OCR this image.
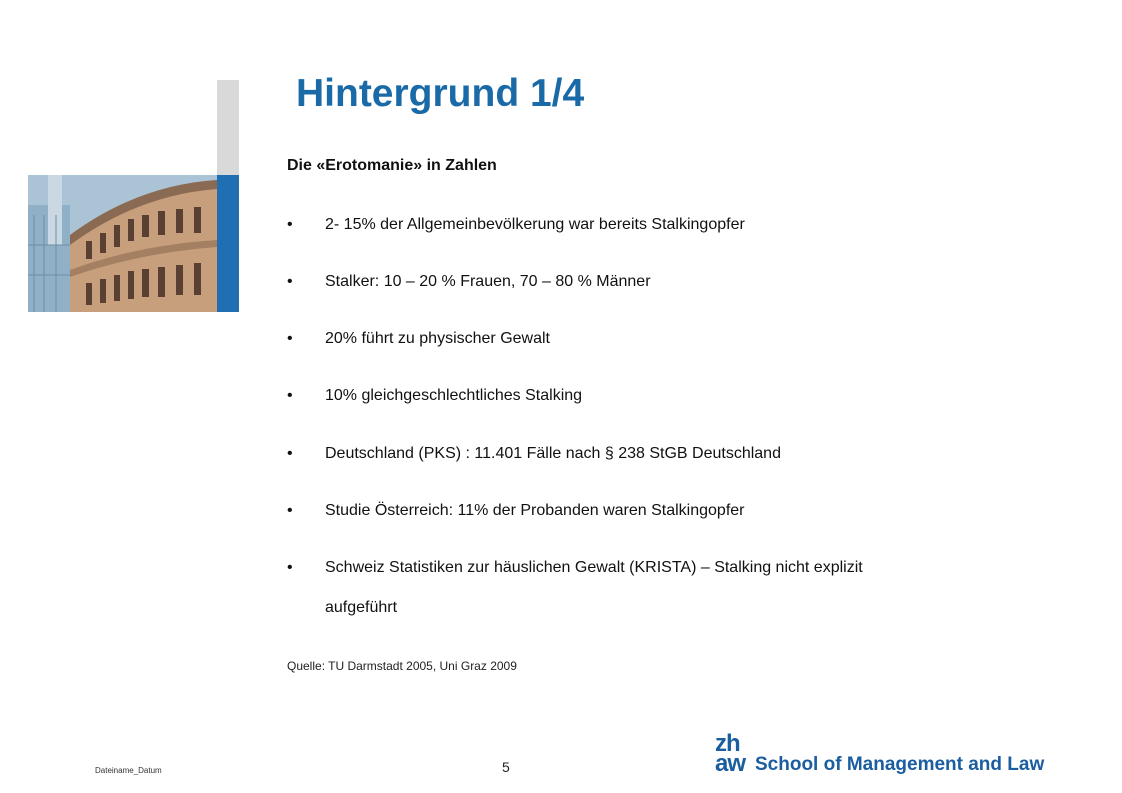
Hintergrund 1/4
Die «Erotomanie» in Zahlen
• 2- 15% der Allgemeinbevölkerung war bereits Stalkingopfer
• Stalker: 10 – 20 % Frauen, 70 – 80 % Männer
• 20% führt zu physischer Gewalt
• 10% gleichgeschlechtliches Stalking
• Deutschland (PKS) : 11.401 Fälle nach § 238 StGB Deutschland
• Studie Österreich: 11% der Probanden waren Stalkingopfer
• Schweiz Statistiken zur häuslichen Gewalt (KRISTA) – Stalking nicht explizit
aufgeführt
Quelle: TU Darmstadt 2005, Uni Graz 2009
Dateiname_Datum	5
zh
aw School of Management and Law
